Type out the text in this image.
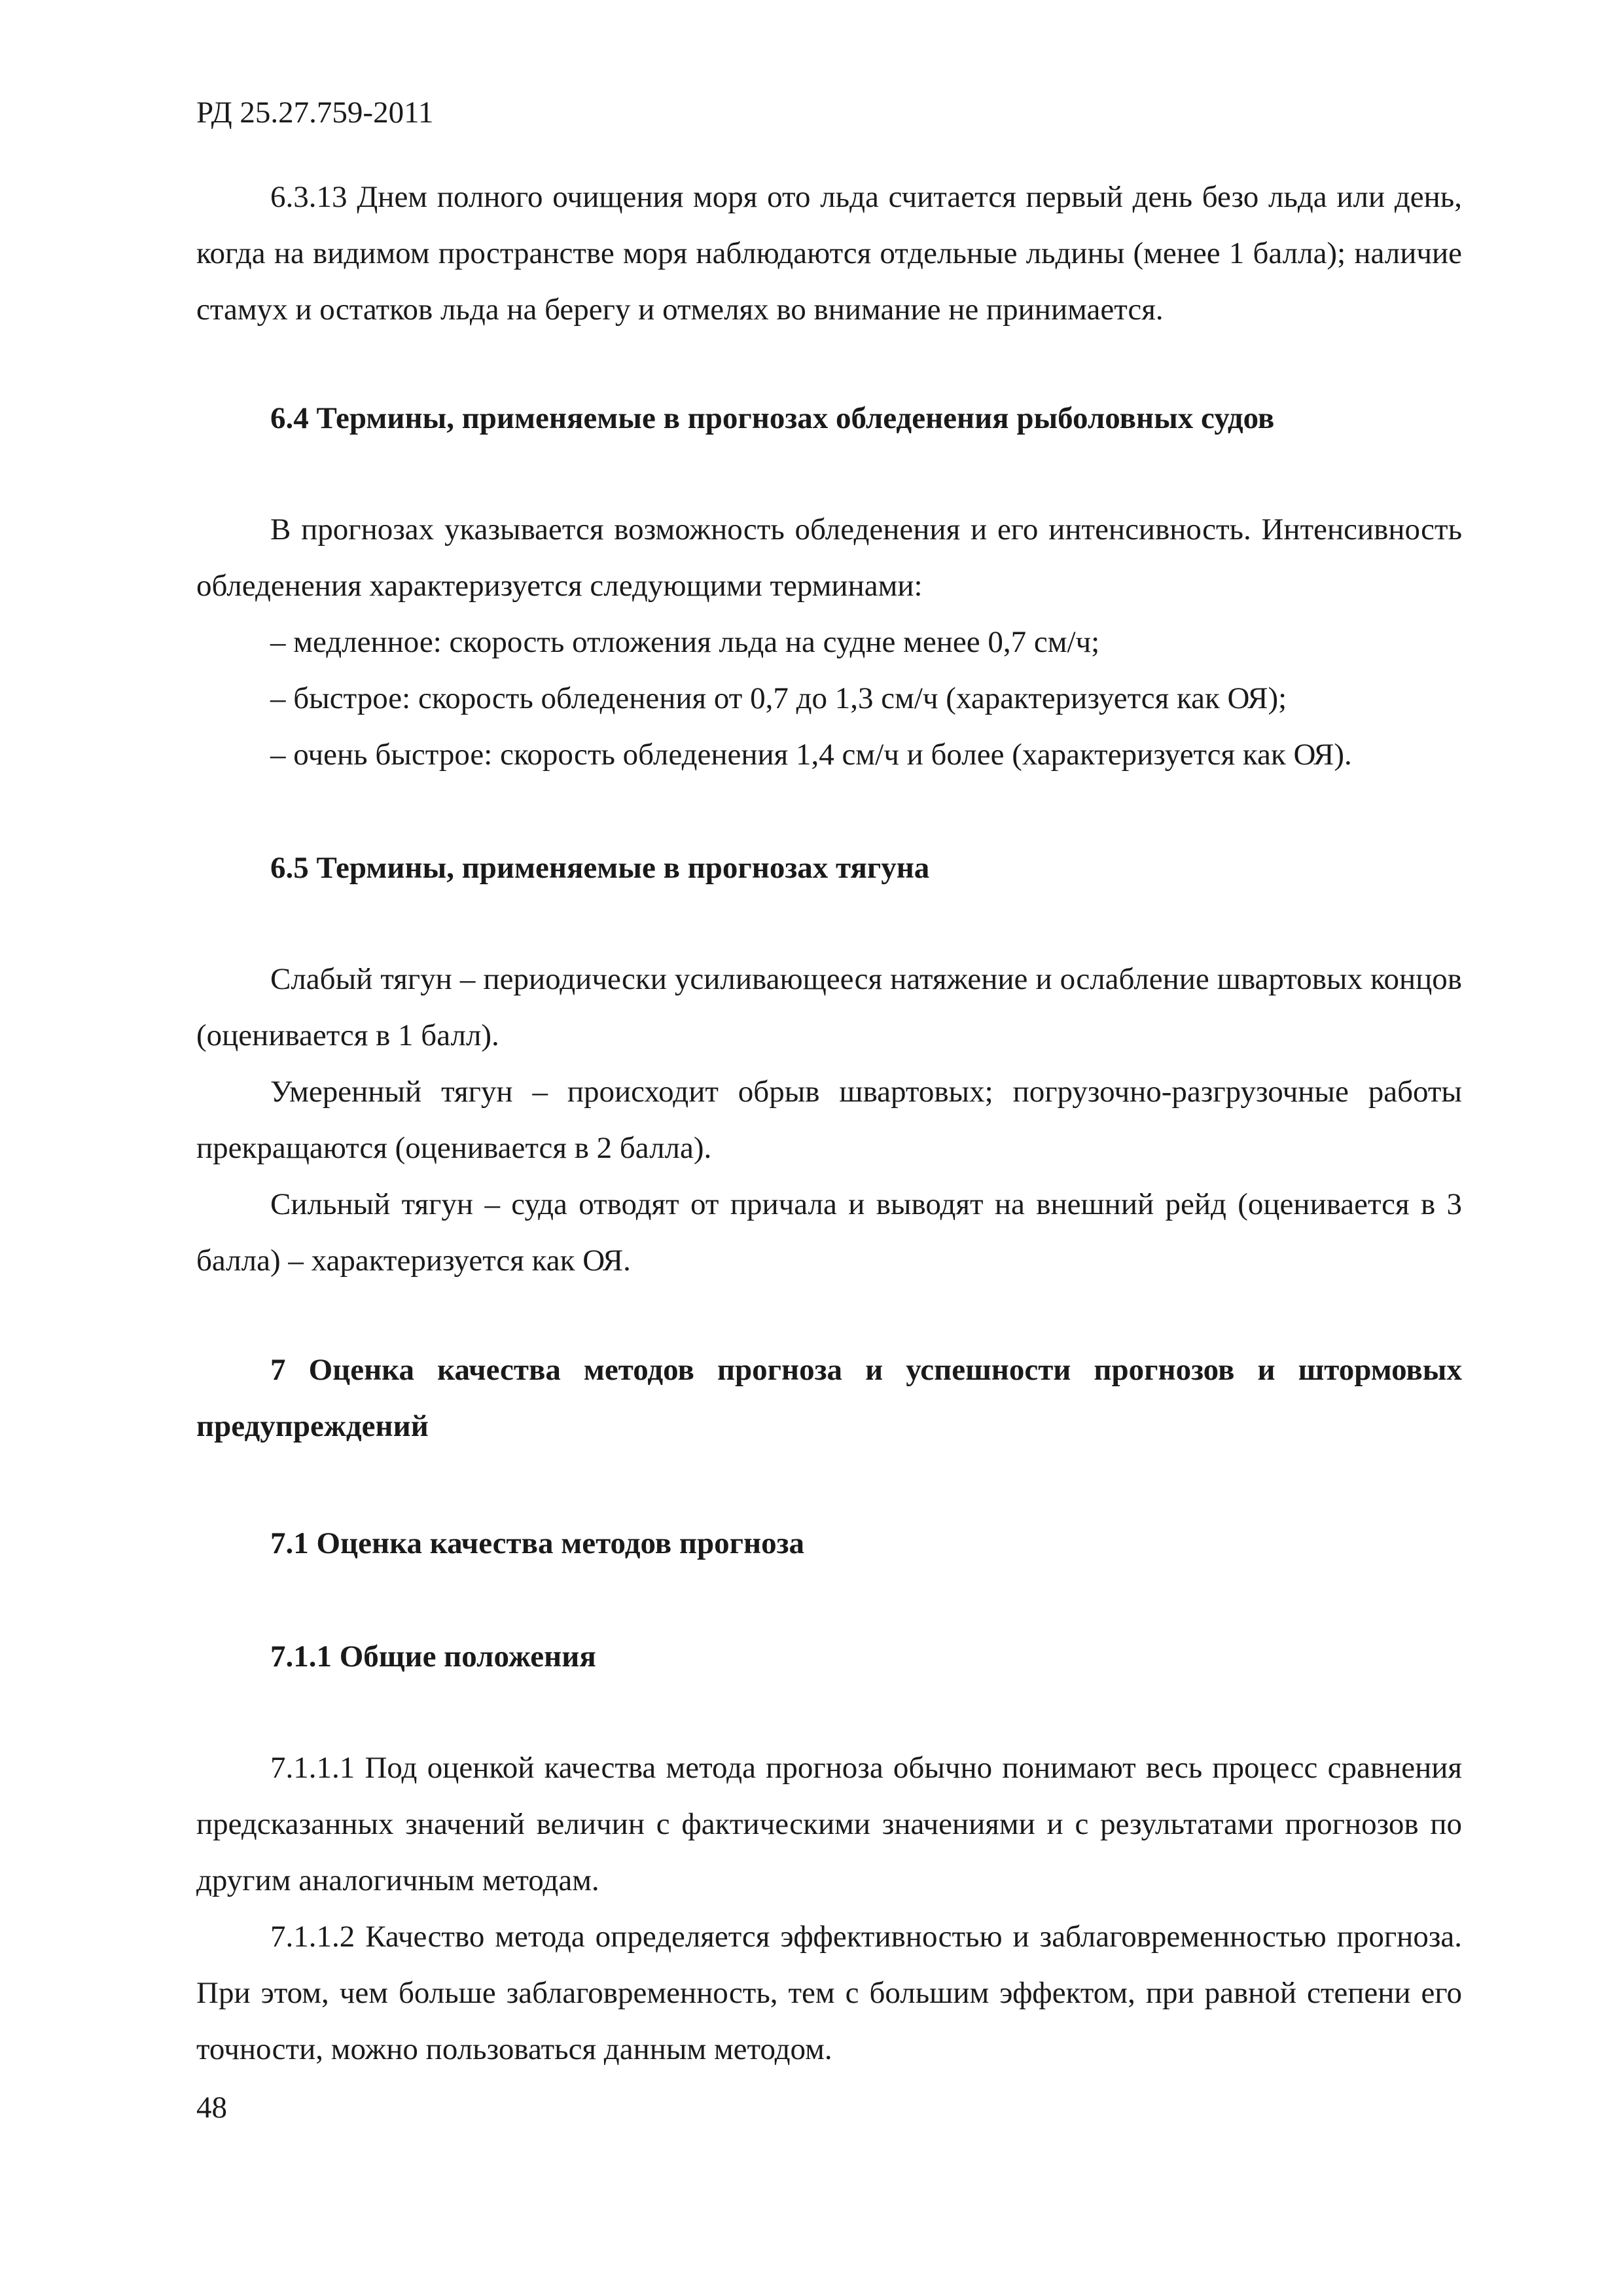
РД 25.27.759-2011

6.3.13 Днем полного очищения моря ото льда считается первый день безо льда или день, когда на видимом пространстве моря наблюдаются отдельные льдины (менее 1 балла); наличие стамух и остатков льда на берегу и отмелях во внимание не принимается.

6.4 Термины, применяемые в прогнозах обледенения рыболовных судов

В прогнозах указывается возможность обледенения и его интенсивность. Интенсивность обледенения характеризуется следующими терминами:

– медленное: скорость отложения льда на судне менее 0,7 см/ч;

– быстрое: скорость обледенения от 0,7 до 1,3 см/ч (характеризуется как ОЯ);

– очень быстрое: скорость обледенения 1,4 см/ч и более (характеризуется как ОЯ).

6.5 Термины, применяемые в прогнозах тягуна

Слабый тягун – периодически усиливающееся натяжение и ослабление швартовых концов (оценивается в 1 балл).

Умеренный тягун – происходит обрыв швартовых; погрузочно-разгрузочные работы прекращаются (оценивается в 2 балла).

Сильный тягун – суда отводят от причала и выводят на внешний рейд (оценивается в 3 балла) – характеризуется как ОЯ.

7 Оценка качества методов прогноза и успешности прогнозов и штормовых предупреждений

7.1 Оценка качества методов прогноза

7.1.1 Общие положения

7.1.1.1 Под оценкой качества метода прогноза обычно понимают весь процесс сравнения предсказанных значений величин с фактическими значениями и с результатами прогнозов по другим аналогичным методам.

7.1.1.2 Качество метода определяется эффективностью и заблаговременностью прогноза. При этом, чем больше заблаговременность, тем с большим эффектом, при равной степени его точности, можно пользоваться данным методом.

48
